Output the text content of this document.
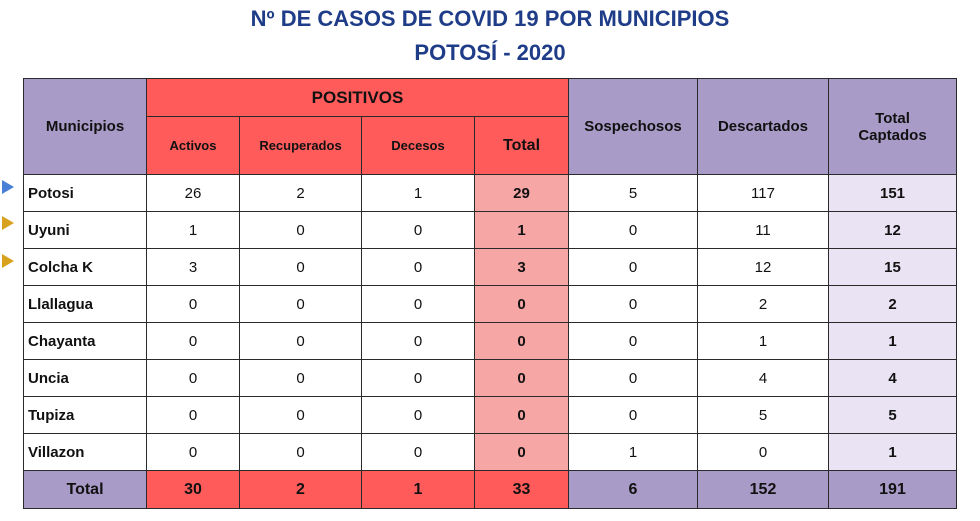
Nº DE CASOS DE COVID 19 POR MUNICIPIOS
POTOSÍ - 2020
Municipios	POSITIVOS				Sospechosos	Descartados	Total Captados
	Activos	Recuperados	Decesos	Total			
Potosi	26	2	1	29	5	117	151
Uyuni	1	0	0	1	0	11	12
Colcha K	3	0	0	3	0	12	15
Llallagua	0	0	0	0	0	2	2
Chayanta	0	0	0	0	0	1	1
Uncia	0	0	0	0	0	4	4
Tupiza	0	0	0	0	0	5	5
Villazon	0	0	0	0	1	0	1
Total	30	2	1	33	6	152	191
